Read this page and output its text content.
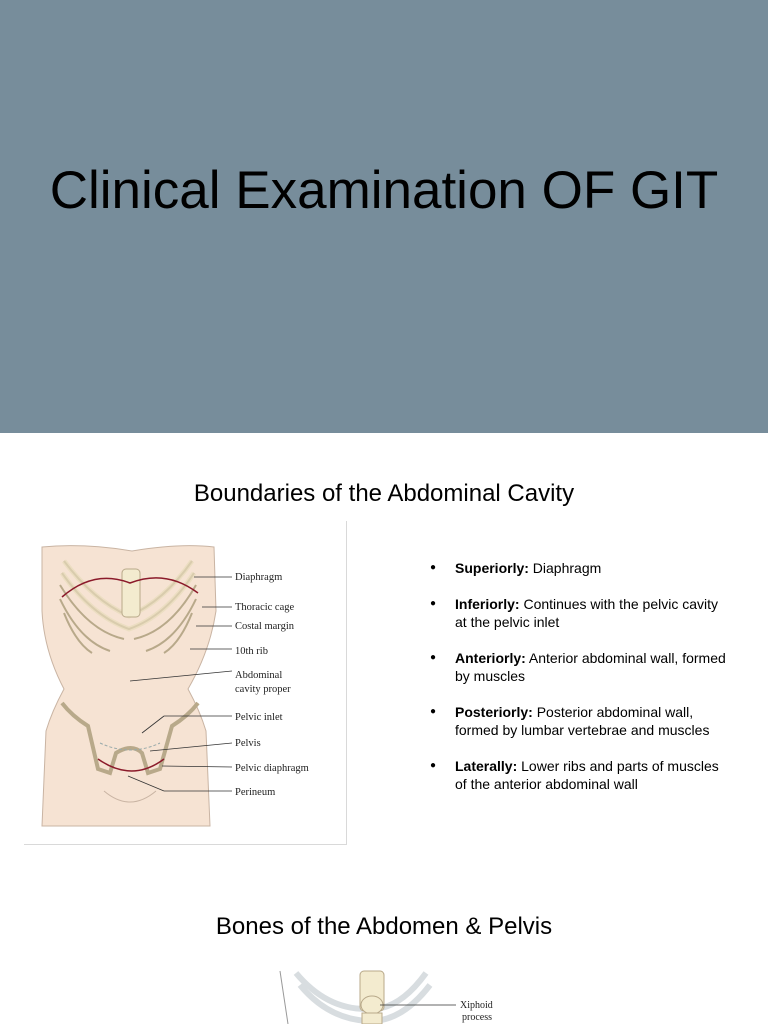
Clinical Examination OF GIT
Boundaries of the Abdominal Cavity
Diaphragm
Thoracic cage
Costal margin
10th rib
Abdominal
cavity proper
Pelvic inlet
Pelvis
Pelvic diaphragm
Perineum
● Superiorly: Diaphragm
● Inferiorly: Continues with the pelvic cavity at the pelvic inlet
● Anteriorly: Anterior abdominal wall, formed by muscles
● Posteriorly: Posterior abdominal wall, formed by lumbar vertebrae and muscles
● Laterally: Lower ribs and parts of muscles of the anterior abdominal wall
Bones of the Abdomen & Pelvis
Xiphoid
process
